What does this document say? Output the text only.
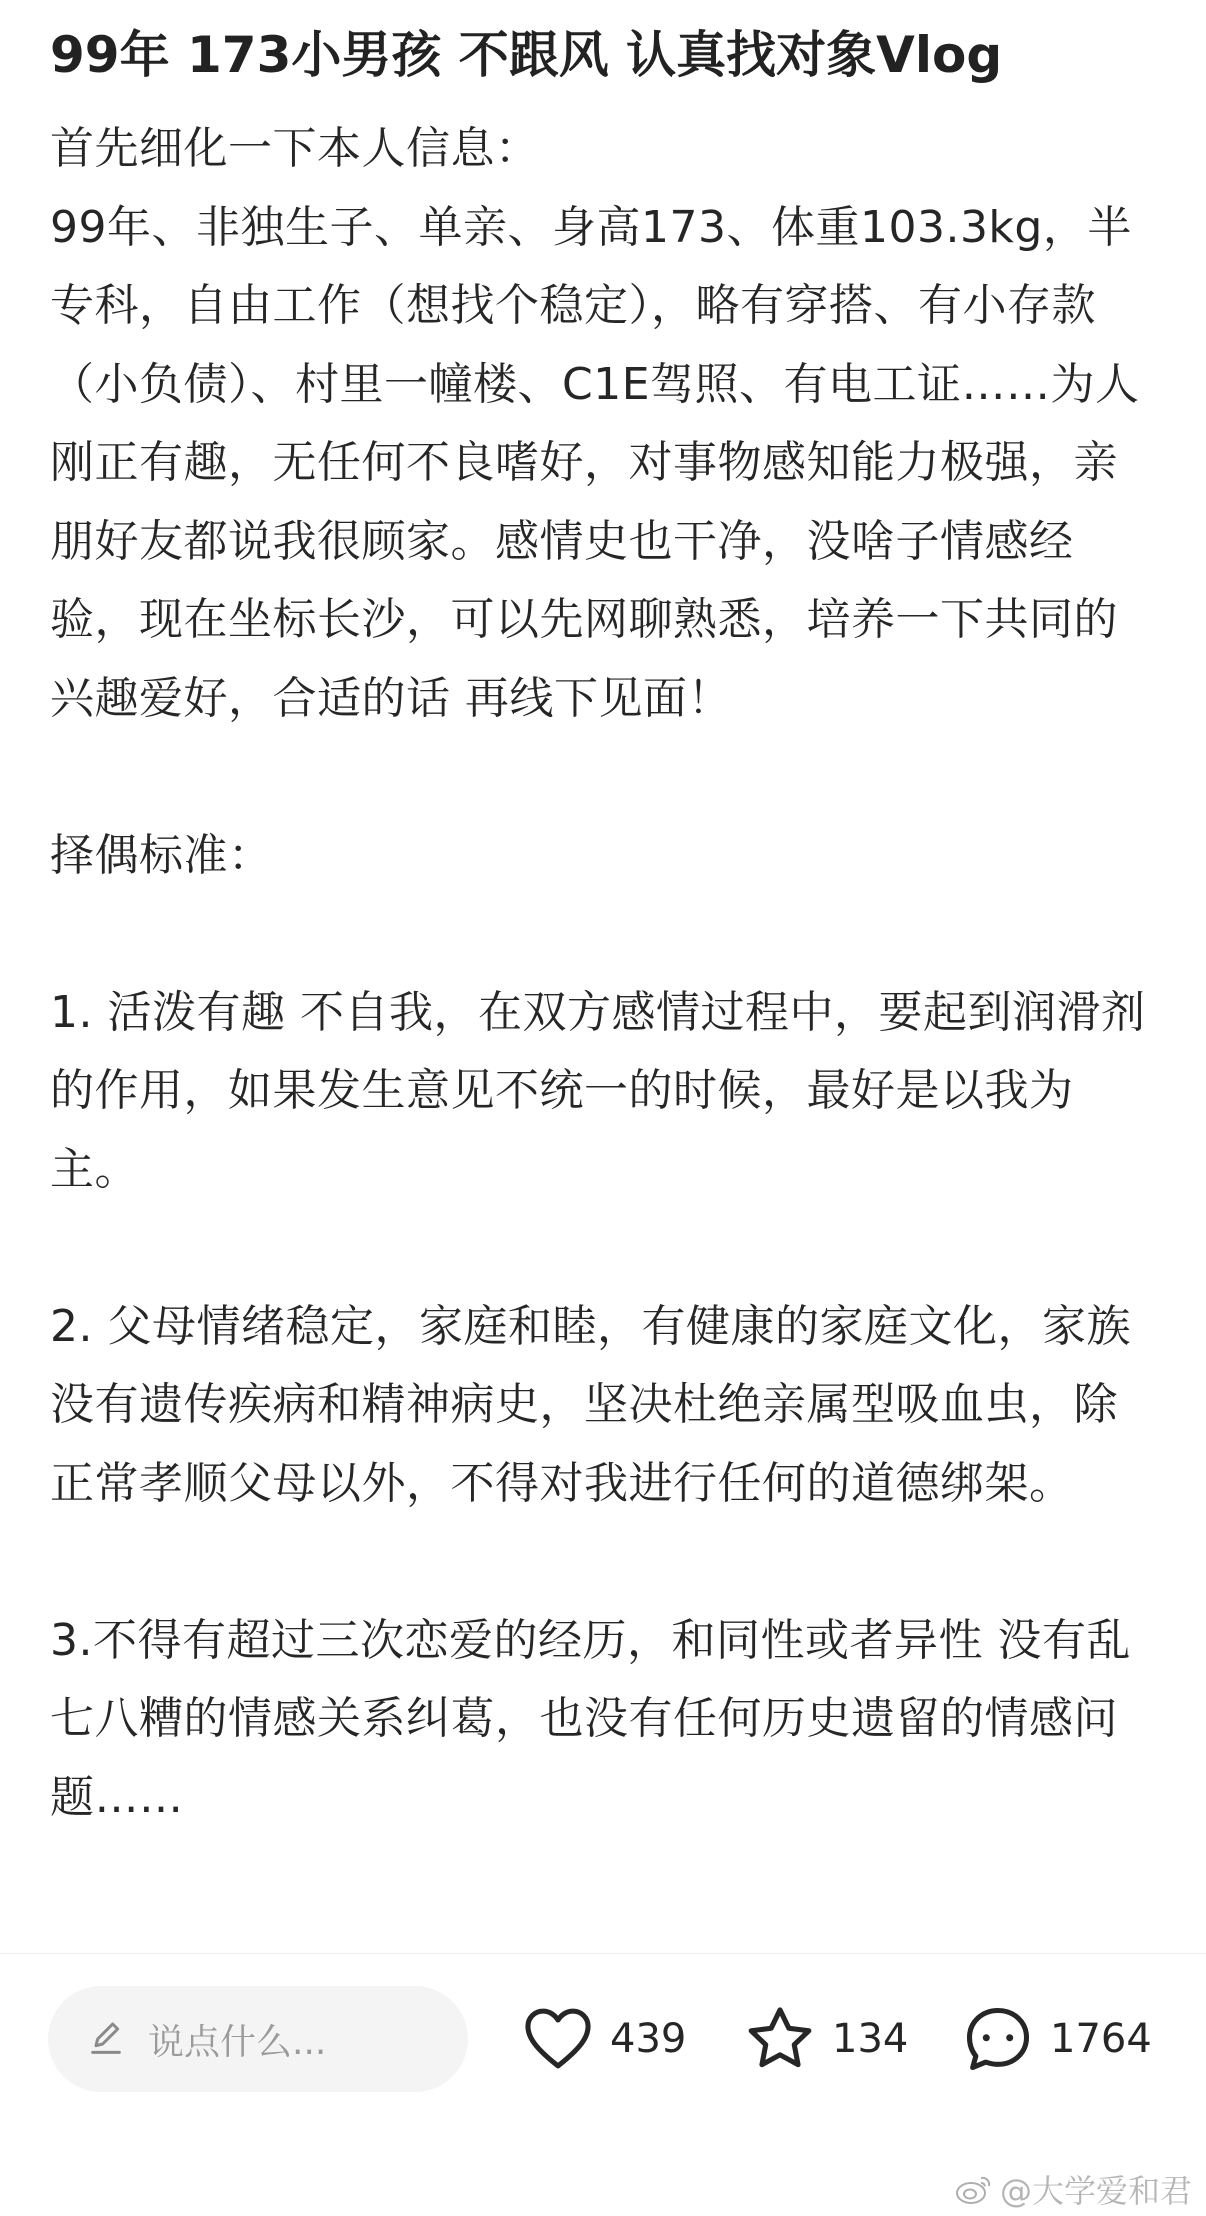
99年 173小男孩 不跟风 认真找对象Vlog

首先细化一下本人信息：

99年、非独生子、单亲、身高173、体重103.3kg，半专科，自由工作（想找个稳定），略有穿搭、有小存款（小负债）、村里一幢楼、C1E驾照、有电工证……为人刚正有趣，无任何不良嗜好，对事物感知能力极强，亲朋好友都说我很顾家。感情史也干净，没啥子情感经验，现在坐标长沙，可以先网聊熟悉，培养一下共同的兴趣爱好，合适的话 再线下见面！

择偶标准：

1. 活泼有趣 不自我，在双方感情过程中，要起到润滑剂的作用，如果发生意见不统一的时候，最好是以我为主。

2. 父母情绪稳定，家庭和睦，有健康的家庭文化，家族没有遗传疾病和精神病史，坚决杜绝亲属型吸血虫，除正常孝顺父母以外，不得对我进行任何的道德绑架。

3.不得有超过三次恋爱的经历，和同性或者异性 没有乱七八糟的情感关系纠葛，也没有任何历史遗留的情感问题……

说点什么...	439	134	1764
@大学爱和君
